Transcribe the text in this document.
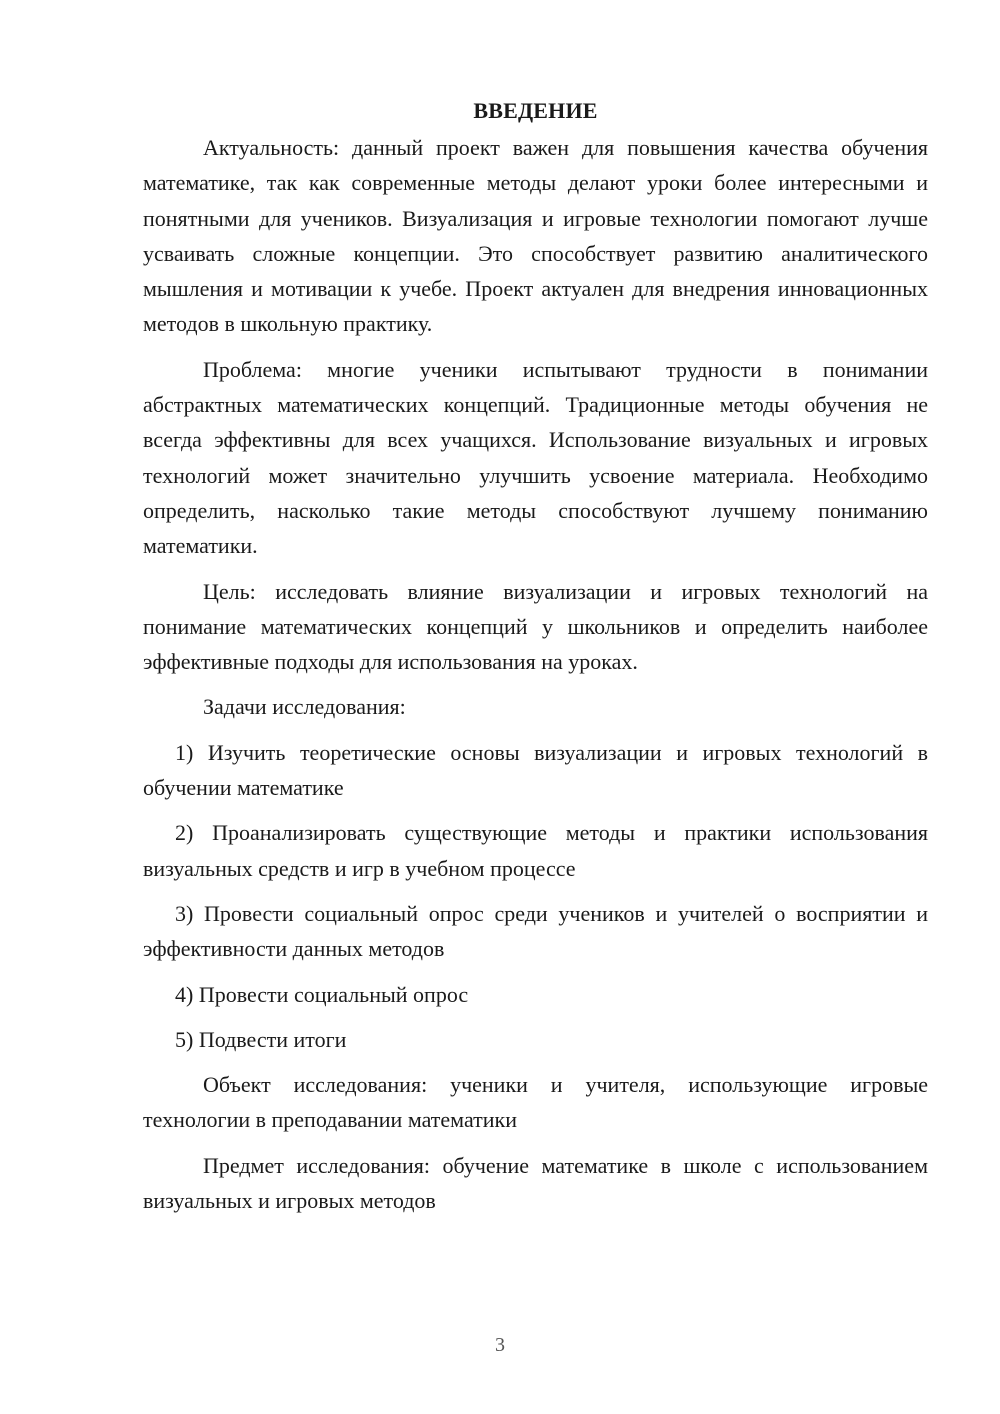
ВВЕДЕНИЕ

Актуальность: данный проект важен для повышения качества обучения математике, так как современные методы делают уроки более интересными и понятными для учеников. Визуализация и игровые технологии помогают лучше усваивать сложные концепции. Это способствует развитию аналитического мышления и мотивации к учебе. Проект актуален для внедрения инновационных методов в школьную практику.

Проблема: многие ученики испытывают трудности в понимании абстрактных математических концепций. Традиционные методы обучения не всегда эффективны для всех учащихся. Использование визуальных и игровых технологий может значительно улучшить усвоение материала. Необходимо определить, насколько такие методы способствуют лучшему пониманию математики.

Цель: исследовать влияние визуализации и игровых технологий на понимание математических концепций у школьников и определить наиболее эффективные подходы для использования на уроках.

Задачи исследования:

1) Изучить теоретические основы визуализации и игровых технологий в обучении математике

2) Проанализировать существующие методы и практики использования визуальных средств и игр в учебном процессе

3) Провести социальный опрос среди учеников и учителей о восприятии и эффективности данных методов

4) Провести социальный опрос

5) Подвести итоги

Объект исследования: ученики и учителя, использующие игровые технологии в преподавании математики

Предмет исследования: обучение математике в школе с использованием визуальных и игровых методов

3
